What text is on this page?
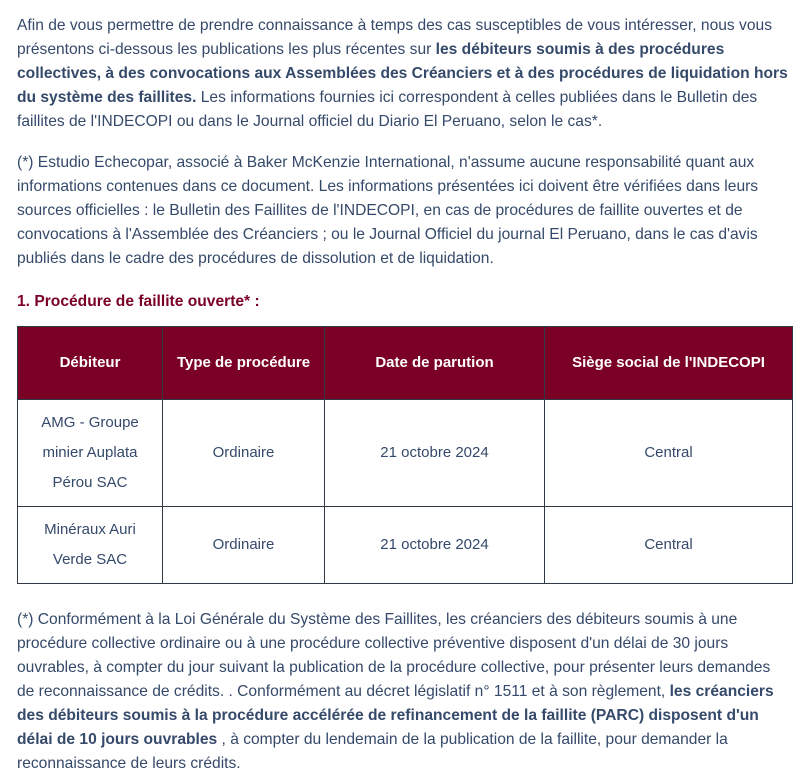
Afin de vous permettre de prendre connaissance à temps des cas susceptibles de vous intéresser, nous vous présentons ci-dessous les publications les plus récentes sur les débiteurs soumis à des procédures collectives, à des convocations aux Assemblées des Créanciers et à des procédures de liquidation hors du système des faillites. Les informations fournies ici correspondent à celles publiées dans le Bulletin des faillites de l'INDECOPI ou dans le Journal officiel du Diario El Peruano, selon le cas*.

(*) Estudio Echecopar, associé à Baker McKenzie International, n'assume aucune responsabilité quant aux informations contenues dans ce document. Les informations présentées ici doivent être vérifiées dans leurs sources officielles : le Bulletin des Faillites de l'INDECOPI, en cas de procédures de faillite ouvertes et de convocations à l'Assemblée des Créanciers ; ou le Journal Officiel du journal El Peruano, dans le cas d'avis publiés dans le cadre des procédures de dissolution et de liquidation.

1. Procédure de faillite ouverte* :
Débiteur	Type de procédure	Date de parution	Siège social de l'INDECOPI
AMG - Groupe minier Auplata Pérou SAC	Ordinaire	21 octobre 2024	Central
Minéraux Auri Verde SAC	Ordinaire	21 octobre 2024	Central

(*) Conformément à la Loi Générale du Système des Faillites, les créanciers des débiteurs soumis à une procédure collective ordinaire ou à une procédure collective préventive disposent d'un délai de 30 jours ouvrables, à compter du jour suivant la publication de la procédure collective, pour présenter leurs demandes de reconnaissance de crédits. . Conformément au décret législatif n° 1511 et à son règlement, les créanciers des débiteurs soumis à la procédure accélérée de refinancement de la faillite (PARC) disposent d'un délai de 10 jours ouvrables , à compter du lendemain de la publication de la faillite, pour demander la reconnaissance de leurs crédits.
